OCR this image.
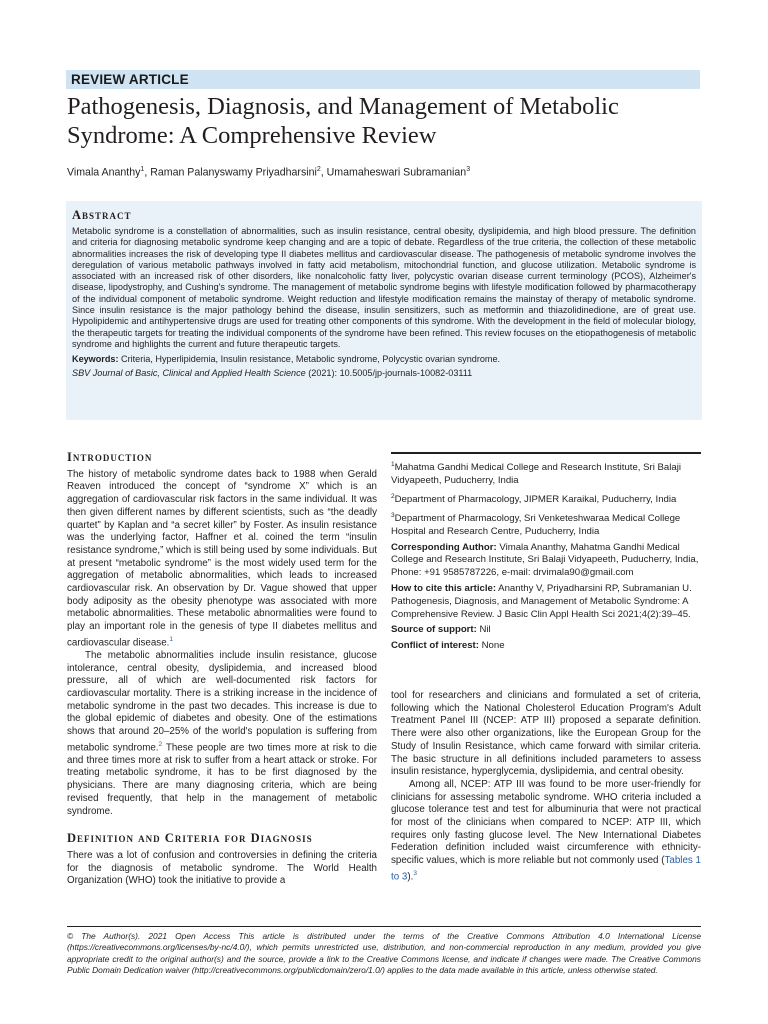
REVIEW ARTICLE
Pathogenesis, Diagnosis, and Management of Metabolic Syndrome: A Comprehensive Review
Vimala Ananthy$^1$, Raman Palanyswamy Priyadharsini$^2$, Umamaheswari Subramanian$^3$
Abstract

Metabolic syndrome is a constellation of abnormalities, such as insulin resistance, central obesity, dyslipidemia, and high blood pressure. The definition and criteria for diagnosing metabolic syndrome keep changing and are a topic of debate. Regardless of the true criteria, the collection of these metabolic abnormalities increases the risk of developing type II diabetes mellitus and cardiovascular disease. The pathogenesis of metabolic syndrome involves the deregulation of various metabolic pathways involved in fatty acid metabolism, mitochondrial function, and glucose utilization. Metabolic syndrome is associated with an increased risk of other disorders, like nonalcoholic fatty liver, polycystic ovarian disease current terminology (PCOS), Alzheimer's disease, lipodystrophy, and Cushing's syndrome. The management of metabolic syndrome begins with lifestyle modification followed by pharmacotherapy of the individual component of metabolic syndrome. Weight reduction and lifestyle modification remains the mainstay of therapy of metabolic syndrome. Since insulin resistance is the major pathology behind the disease, insulin sensitizers, such as metformin and thiazolidinedione, are of great use. Hypolipidemic and antihypertensive drugs are used for treating other components of this syndrome. With the development in the field of molecular biology, the therapeutic targets for treating the individual components of the syndrome have been refined. This review focuses on the etiopathogenesis of metabolic syndrome and highlights the current and future therapeutic targets.

Keywords: Criteria, Hyperlipidemia, Insulin resistance, Metabolic syndrome, Polycystic ovarian syndrome.

SBV Journal of Basic, Clinical and Applied Health Science (2021): 10.5005/jp-journals-10082-03111

Introduction

The history of metabolic syndrome dates back to 1988 when Gerald Reaven introduced the concept of “syndrome X” which is an aggregation of cardiovascular risk factors in the same individual. It was then given different names by different scientists, such as “the deadly quartet” by Kaplan and “a secret killer” by Foster. As insulin resistance was the underlying factor, Haffner et al. coined the term “insulin resistance syndrome,” which is still being used by some individuals. But at present “metabolic syndrome” is the most widely used term for the aggregation of metabolic abnormalities, which leads to increased cardiovascular risk. An observation by Dr. Vague showed that upper body adiposity as the obesity phenotype was associated with more metabolic abnormalities. These metabolic abnormalities were found to play an important role in the genesis of type II diabetes mellitus and cardiovascular disease.$^1$

The metabolic abnormalities include insulin resistance, glucose intolerance, central obesity, dyslipidemia, and increased blood pressure, all of which are well-documented risk factors for cardiovascular mortality. There is a striking increase in the incidence of metabolic syndrome in the past two decades. This increase is due to the global epidemic of diabetes and obesity. One of the estimations shows that around 20–25% of the world's population is suffering from metabolic syndrome.$^2$ These people are two times more at risk to die and three times more at risk to suffer from a heart attack or stroke. For treating metabolic syndrome, it has to be first diagnosed by the physicians. There are many diagnosing criteria, which are being revised frequently, that help in the management of metabolic syndrome.

Definition and Criteria for Diagnosis

There was a lot of confusion and controversies in defining the criteria for the diagnosis of metabolic syndrome. The World Health Organization (WHO) took the initiative to provide a

$^1$Mahatma Gandhi Medical College and Research Institute, Sri Balaji Vidyapeeth, Puducherry, India

$^2$Department of Pharmacology, JIPMER Karaikal, Puducherry, India

$^3$Department of Pharmacology, Sri Venketeshwaraa Medical College Hospital and Research Centre, Puducherry, India

Corresponding Author: Vimala Ananthy, Mahatma Gandhi Medical College and Research Institute, Sri Balaji Vidyapeeth, Puducherry, India, Phone: +91 9585787226, e-mail: drvimala90@gmail.com

How to cite this article: Ananthy V, Priyadharsini RP, Subramanian U. Pathogenesis, Diagnosis, and Management of Metabolic Syndrome: A Comprehensive Review. J Basic Clin Appl Health Sci 2021;4(2):39–45.

Source of support: Nil

Conflict of interest: None

tool for researchers and clinicians and formulated a set of criteria, following which the National Cholesterol Education Program's Adult Treatment Panel III (NCEP: ATP III) proposed a separate definition. There were also other organizations, like the European Group for the Study of Insulin Resistance, which came forward with similar criteria. The basic structure in all definitions included parameters to assess insulin resistance, hyperglycemia, dyslipidemia, and central obesity.

Among all, NCEP: ATP III was found to be more user-friendly for clinicians for assessing metabolic syndrome. WHO criteria included a glucose tolerance test and test for albuminuria that were not practical for most of the clinicians when compared to NCEP: ATP III, which requires only fasting glucose level. The New International Diabetes Federation definition included waist circumference with ethnicity-specific values, which is more reliable but not commonly used (Tables 1 to 3).$^3$

© The Author(s). 2021 Open Access This article is distributed under the terms of the Creative Commons Attribution 4.0 International License (https://creativecommons.org/licenses/by-nc/4.0/), which permits unrestricted use, distribution, and non-commercial reproduction in any medium, provided you give appropriate credit to the original author(s) and the source, provide a link to the Creative Commons license, and indicate if changes were made. The Creative Commons Public Domain Dedication waiver (http://creativecommons.org/publicdomain/zero/1.0/) applies to the data made available in this article, unless otherwise stated.
